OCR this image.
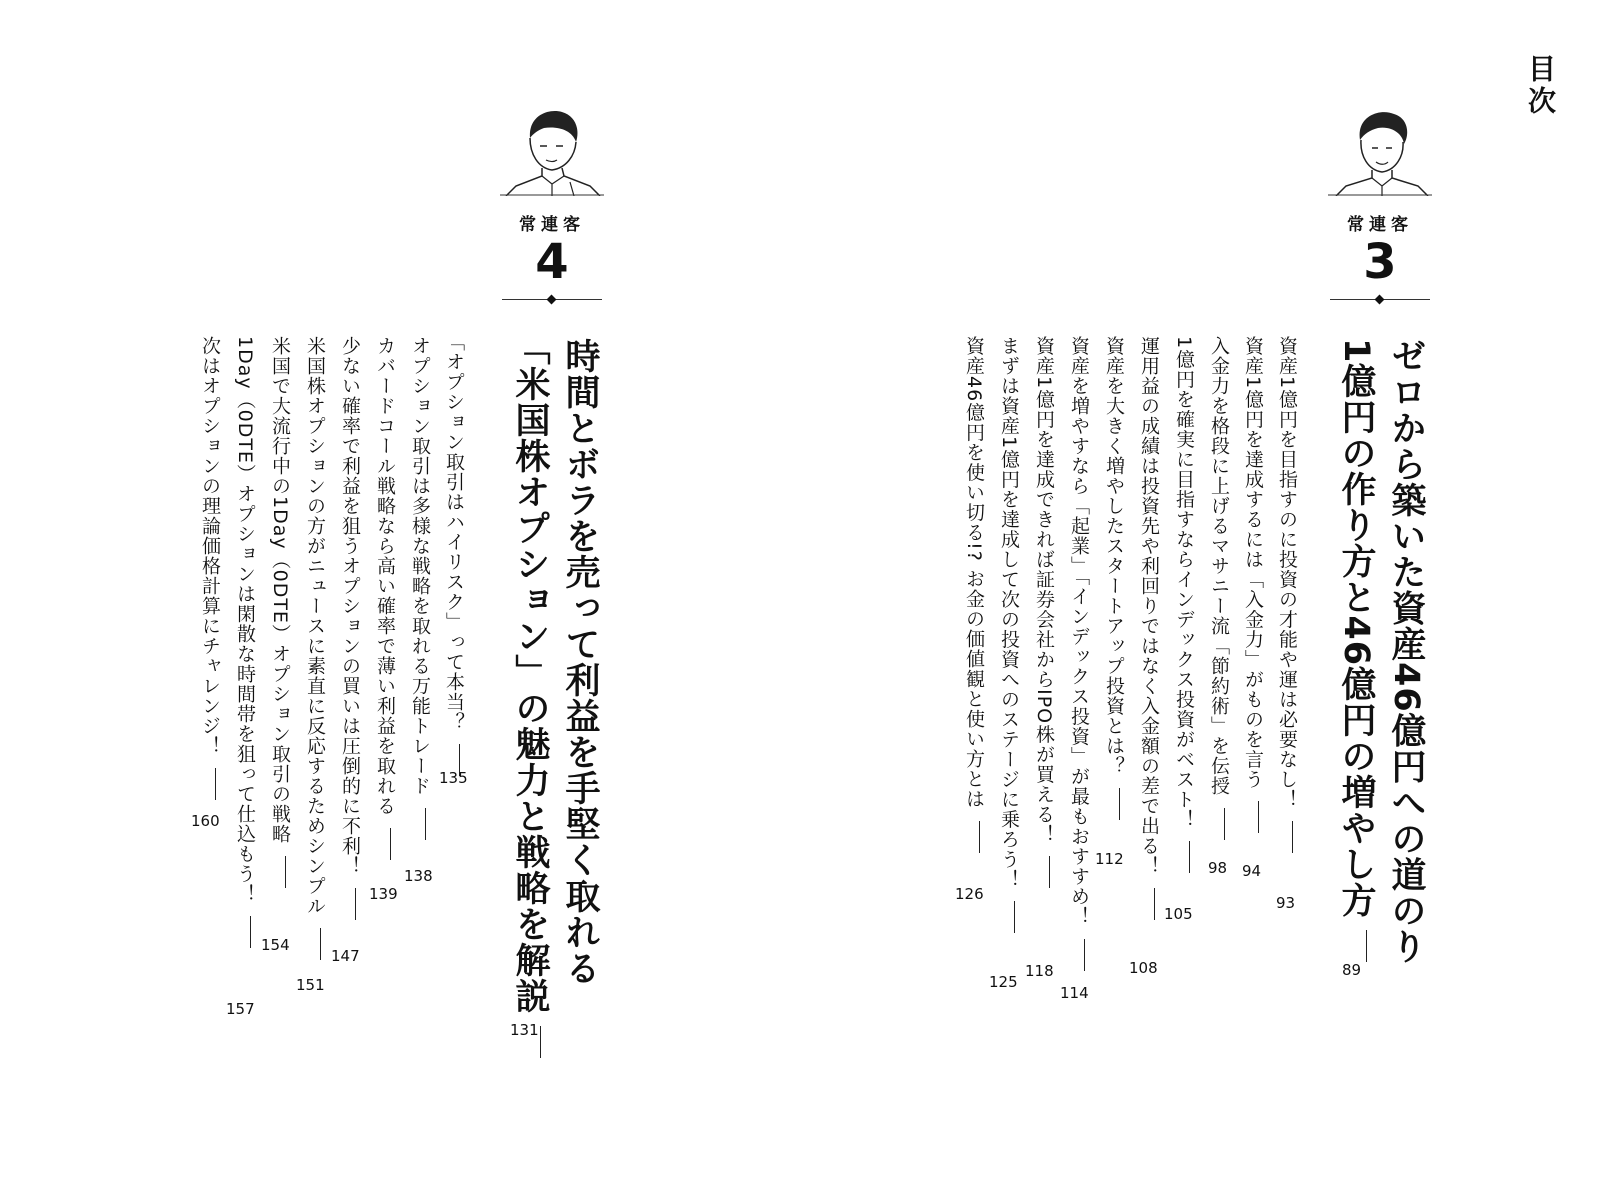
目次
常連客
3
ゼロから築いた資産46億円への道のり
1億円の作り方と46億円の増やし方
89
資産1億円を目指すのに投資の才能や運は必要なし！
93
資産1億円を達成するには「入金力」がものを言う
94
入金力を格段に上げるマサニー流「節約術」を伝授
98
1億円を確実に目指すならインデックス投資がベスト！
105
運用益の成績は投資先や利回りではなく入金額の差で出る！
108
資産を大きく増やしたスタートアップ投資とは？
112
資産を増やすなら「起業」「インデックス投資」が最もおすすめ！
114
資産1億円を達成できれば証券会社からIPO株が買える！
118
まずは資産1億円を達成して次の投資へのステージに乗ろう！
125
資産46億円を使い切る!? お金の価値観と使い方とは
126
常連客
4
時間とボラを売って利益を手堅く取れる
「米国株オプション」の魅力と戦略を解説
131
「オプション取引はハイリスク」って本当？
135
オプション取引は多様な戦略を取れる万能トレード
138
カバードコール戦略なら高い確率で薄い利益を取れる
139
少ない確率で利益を狙うオプションの買いは圧倒的に不利！
147
米国株オプションの方がニュースに素直に反応するためシンプル
151
米国で大流行中の1Day（0DTE）オプション取引の戦略
154
1Day（0DTE）オプションは閑散な時間帯を狙って仕込もう！
157
次はオプションの理論価格計算にチャレンジ！
160
